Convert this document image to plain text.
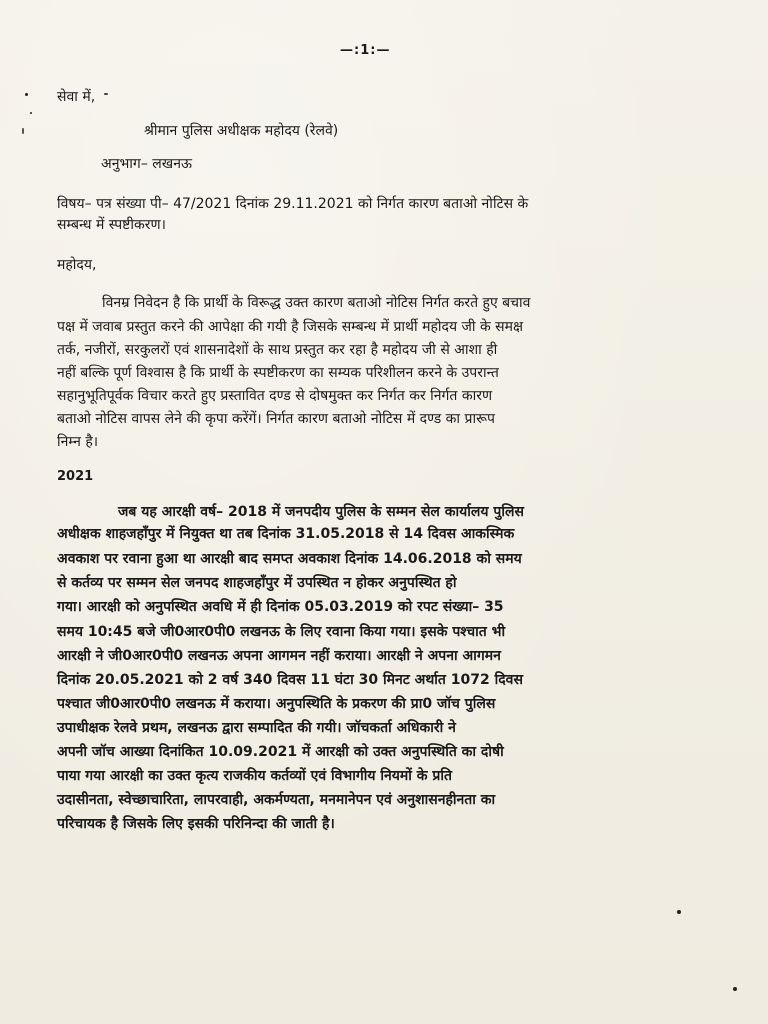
—:1:—
सेवा में,
श्रीमान पुलिस अधीक्षक महोदय (रेलवे)
अनुभाग– लखनऊ
विषय– पत्र संख्या पी– 47/2021 दिनांक 29.11.2021 को निर्गत कारण बताओ नोटिस के
सम्बन्ध में स्पष्टीकरण।
महोदय,
विनम्र निवेदन है कि प्रार्थी के विरूद्ध उक्त कारण बताओ नोटिस निर्गत करते हुए बचाव
पक्ष में जवाब प्रस्तुत करने की आपेक्षा की गयी है जिसके सम्बन्ध में प्रार्थी महोदय जी के समक्ष
तर्क, नजीरों, सरकुलरों एवं शासनादेशों के साथ प्रस्तुत कर रहा है महोदय जी से आशा ही
नहीं बल्कि पूर्ण विश्वास है कि प्रार्थी के स्पष्टीकरण का सम्यक परिशीलन करने के उपरान्त
सहानुभूतिपूर्वक विचार करते हुए प्रस्तावित दण्ड से दोषमुक्त कर निर्गत कर निर्गत कारण
बताओ नोटिस वापस लेने की कृपा करेंगें। निर्गत कारण बताओ नोटिस में दण्ड का प्रारूप
निम्न है।
2021
जब यह आरक्षी वर्ष– 2018 में जनपदीय पुलिस के सम्मन सेल कार्यालय पुलिस
अधीक्षक शाहजहाँपुर में नियुक्त था तब दिनांक 31.05.2018 से 14 दिवस आकस्मिक
अवकाश पर रवाना हुआ था आरक्षी बाद समप्त अवकाश दिनांक 14.06.2018 को समय
से कर्तव्य पर सम्मन सेल जनपद शाहजहाँपुर में उपस्थित न होकर अनुपस्थित हो
गया। आरक्षी को अनुपस्थित अवधि में ही दिनांक 05.03.2019 को रपट संख्या– 35
समय 10:45 बजे जी0आर0पी0 लखनऊ के लिए रवाना किया गया। इसके पश्चात भी
आरक्षी ने जी0आर0पी0 लखनऊ अपना आगमन नहीं कराया। आरक्षी ने अपना आगमन
दिनांक 20.05.2021 को 2 वर्ष 340 दिवस 11 घंटा 30 मिनट अर्थात 1072 दिवस
पश्चात जी0आर0पी0 लखनऊ में कराया। अनुपस्थिति के प्रकरण की प्रा0 जॉच पुलिस
उपाधीक्षक रेलवे प्रथम, लखनऊ द्वारा सम्पादित की गयी। जॉचकर्ता अधिकारी ने
अपनी जॉच आख्या दिनांकित 10.09.2021 में आरक्षी को उक्त अनुपस्थिति का दोषी
पाया गया आरक्षी का उक्त कृत्य राजकीय कर्तव्यों एवं विभागीय नियमों के प्रति
उदासीनता, स्वेच्छाचारिता, लापरवाही, अकर्मण्यता, मनमानेपन एवं अनुशासनहीनता का
परिचायक है जिसके लिए इसकी परिनिन्दा की जाती है।
